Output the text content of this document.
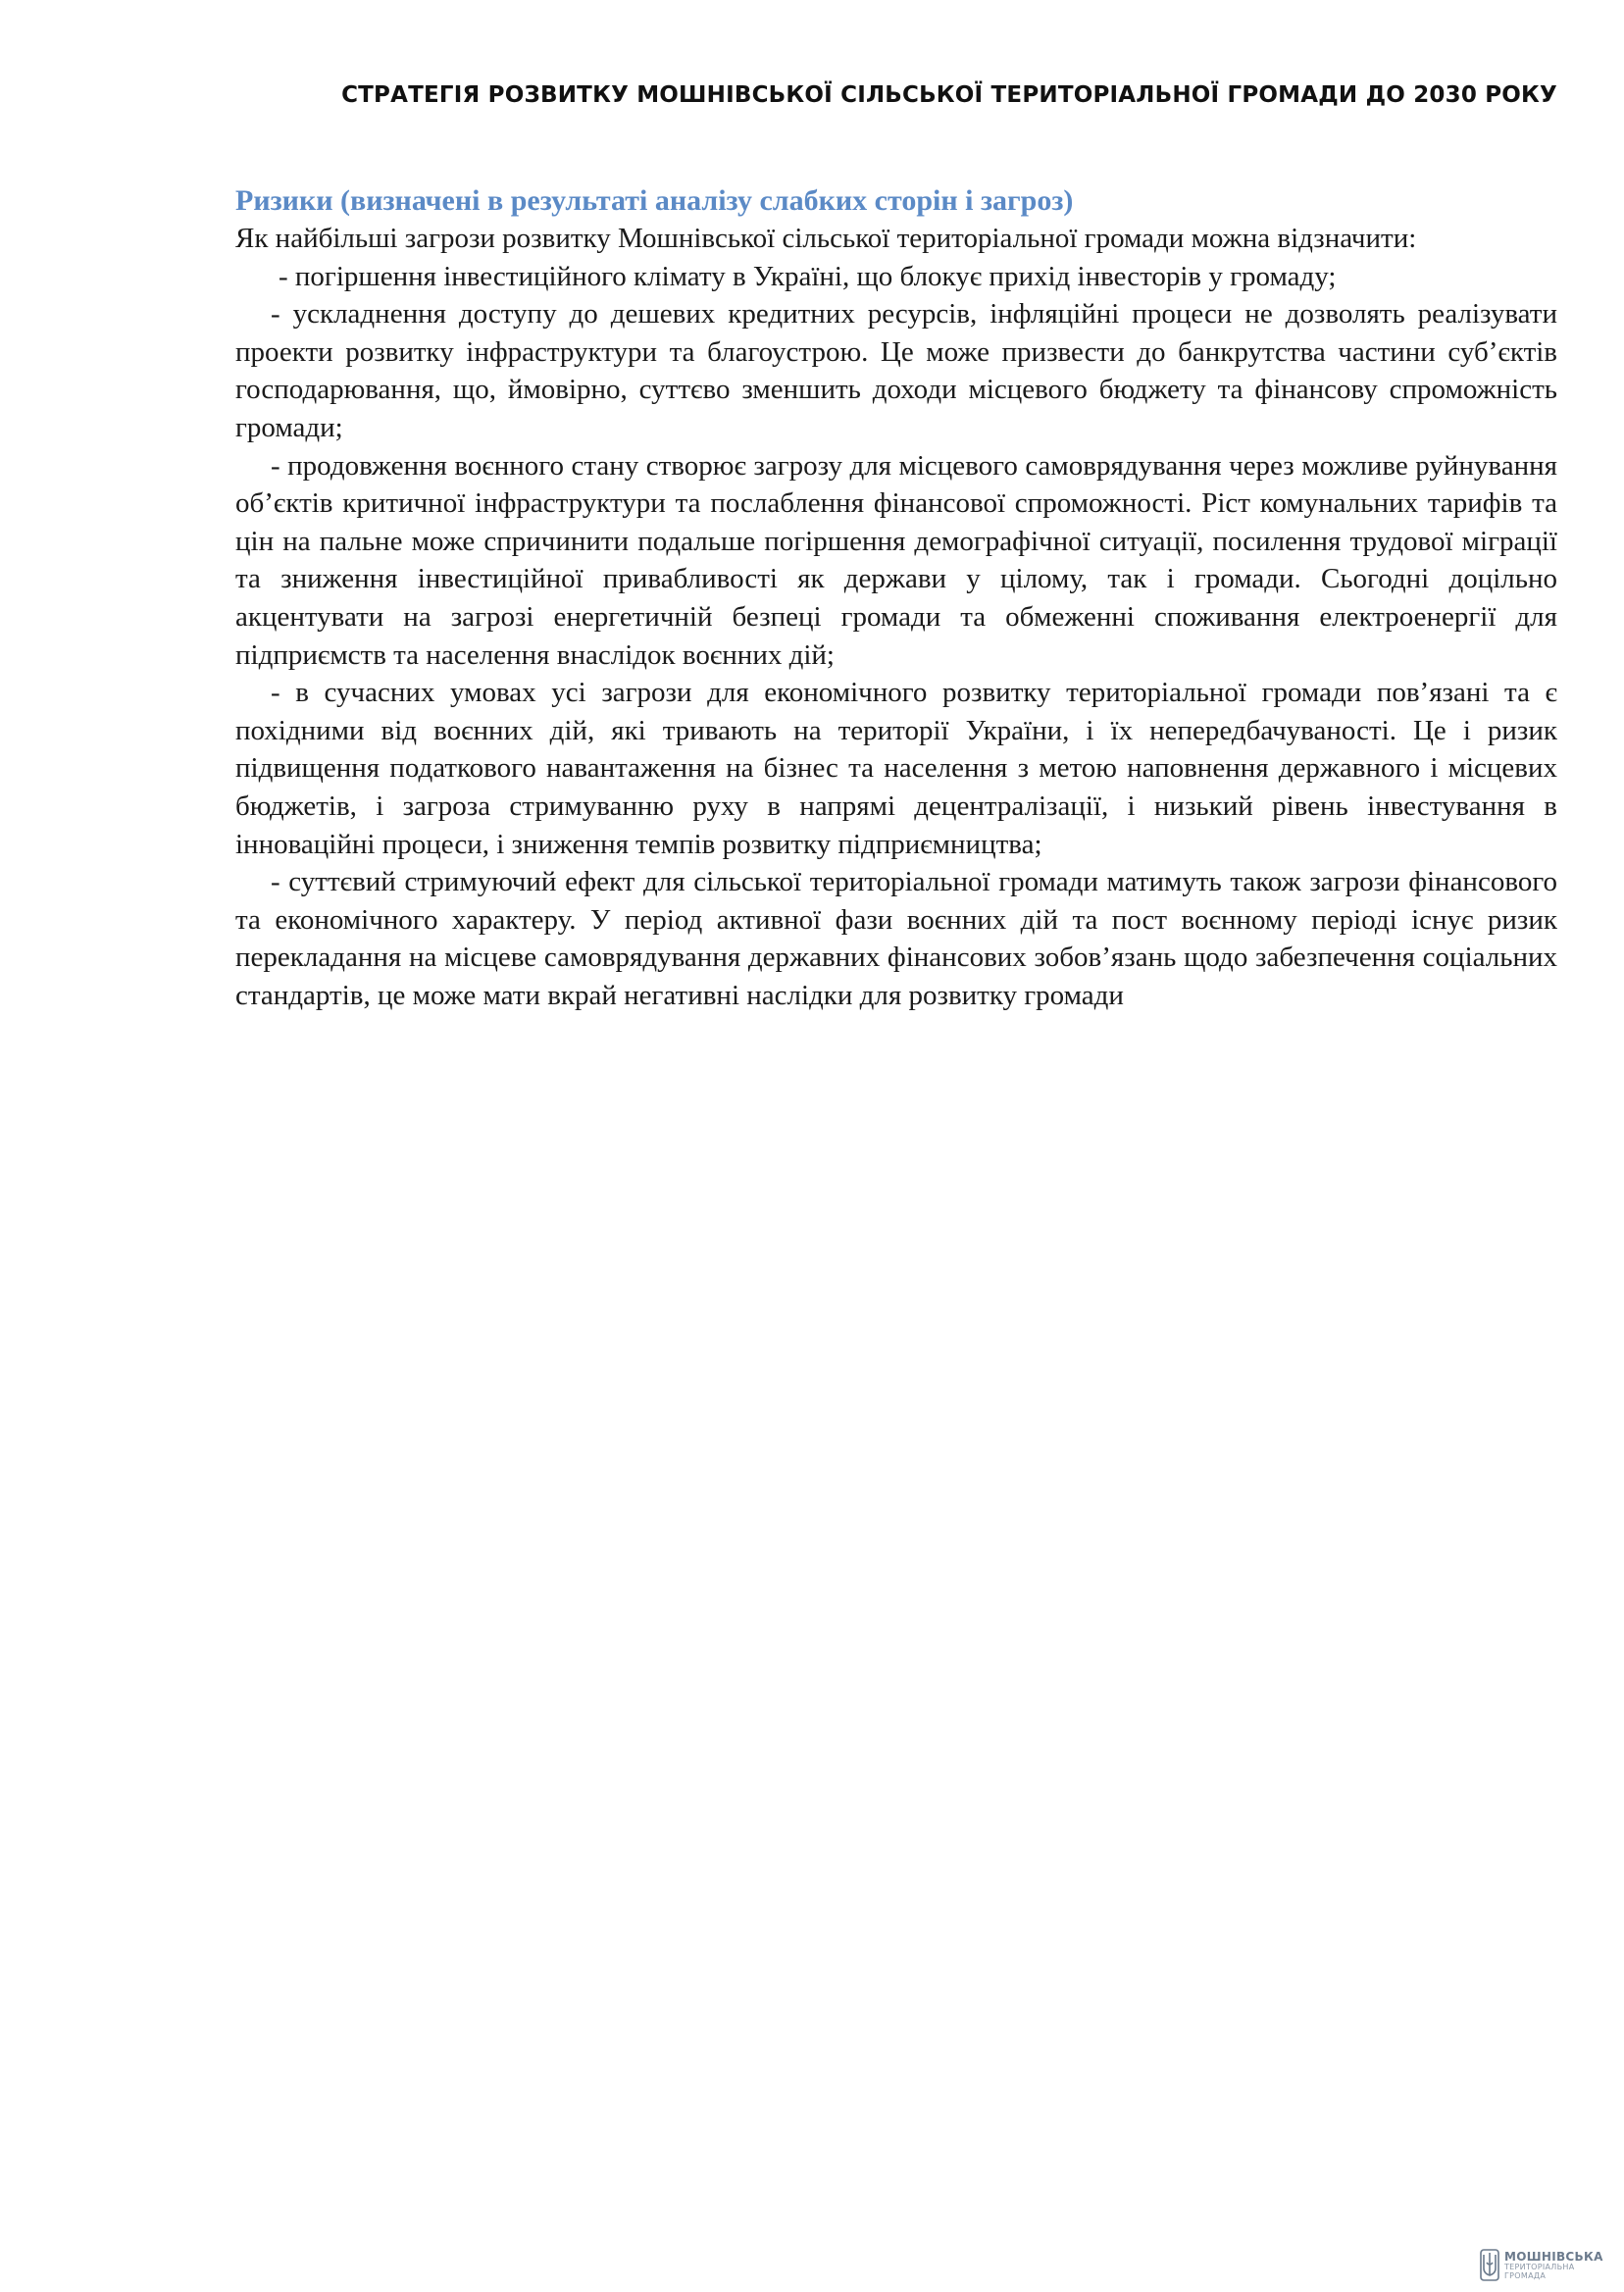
СТРАТЕГІЯ РОЗВИТКУ МОШНІВСЬКОЇ СІЛЬСЬКОЇ ТЕРИТОРІАЛЬНОЇ ГРОМАДИ ДО 2030 РОКУ

Ризики (визначені в результаті аналізу слабких сторін і загроз)

Як найбільші загрози розвитку Мошнівської сільської територіальної громади можна відзначити:

- погіршення інвестиційного клімату в Україні, що блокує прихід інвесторів у громаду;

- ускладнення доступу до дешевих кредитних ресурсів, інфляційні процеси не дозволять реалізувати проекти розвитку інфраструктури та благоустрою. Це може призвести до банкрутства частини суб’єктів господарювання, що, ймовірно, суттєво зменшить доходи місцевого бюджету та фінансову спроможність громади;

- продовження воєнного стану створює загрозу для місцевого самоврядування через можливе руйнування об’єктів критичної інфраструктури та послаблення фінансової спроможності. Ріст комунальних тарифів та цін на пальне може спричинити подальше погіршення демографічної ситуації, посилення трудової міграції та зниження інвестиційної привабливості як держави у цілому, так і громади. Сьогодні доцільно акцентувати на загрозі енергетичній безпеці громади та обмеженні споживання електроенергії для підприємств та населення внаслідок воєнних дій;

- в сучасних умовах усі загрози для економічного розвитку територіальної громади пов’язані та є похідними від воєнних дій, які тривають на території України, і їх непередбачуваності. Це і ризик підвищення податкового навантаження на бізнес та населення з метою наповнення державного і місцевих бюджетів, і загроза стримуванню руху в напрямі децентралізації, і низький рівень інвестування в інноваційні процеси, і зниження темпів розвитку підприємництва;

- суттєвий стримуючий ефект для сільської територіальної громади матимуть також загрози фінансового та економічного характеру. У період активної фази воєнних дій та пост воєнному періоді існує ризик перекладання на місцеве самоврядування державних фінансових зобов’язань щодо забезпечення соціальних стандартів, це може мати вкрай негативні наслідки для розвитку громади

МОШНІВСЬКА
ТЕРИТОРІАЛЬНА
ГРОМАДА
